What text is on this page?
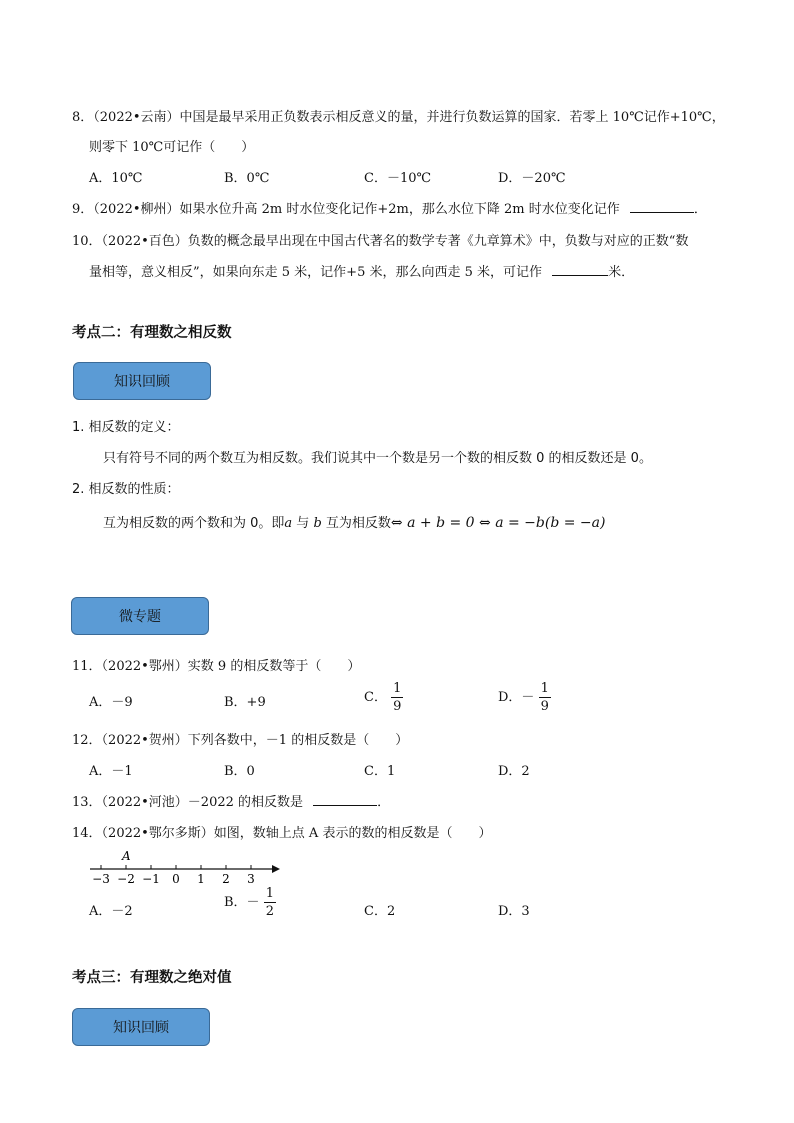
8．（2022•云南）中国是最早采用正负数表示相反意义的量，并进行负数运算的国家．若零上 10℃记作+10℃，
则零下 10℃可记作（　　）
A．10℃	B．0℃	C．－10℃	D．－20℃
9．（2022•柳州）如果水位升高 2m 时水位变化记作+2m，那么水位下降 2m 时水位变化记作	．
10．（2022•百色）负数的概念最早出现在中国古代著名的数学专著《九章算术》中，负数与对应的正数“数
量相等，意义相反”，如果向东走 5 米，记作+5 米，那么向西走 5 米，可记作	米．
考点二：有理数之相反数
知识回顾
1. 相反数的定义：
只有符号不同的两个数互为相反数。我们说其中一个数是另一个数的相反数 0 的相反数还是 0。
2. 相反数的性质：
互为相反数的两个数和为 0。即a 与 b 互为相反数⇔ a + b = 0 ⇔ a = −b(b = −a)
微专题
11．（2022•鄂州）实数 9 的相反数等于（　　）
A．－9	B．+9	C． $\frac{1}{9}$	D．－ $\frac{1}{9}$
12．（2022•贺州）下列各数中，－1 的相反数是（　　）
A．－1	B．0	C．1	D．2
13．（2022•河池）－2022 的相反数是	．
14．（2022•鄂尔多斯）如图，数轴上点 A 表示的数的相反数是（　　）
−3 −2 −1 0 1 2 3
A
A．－2
B．－ $\frac{1}{2}$	C．2	D．3
考点三：有理数之绝对值
知识回顾
